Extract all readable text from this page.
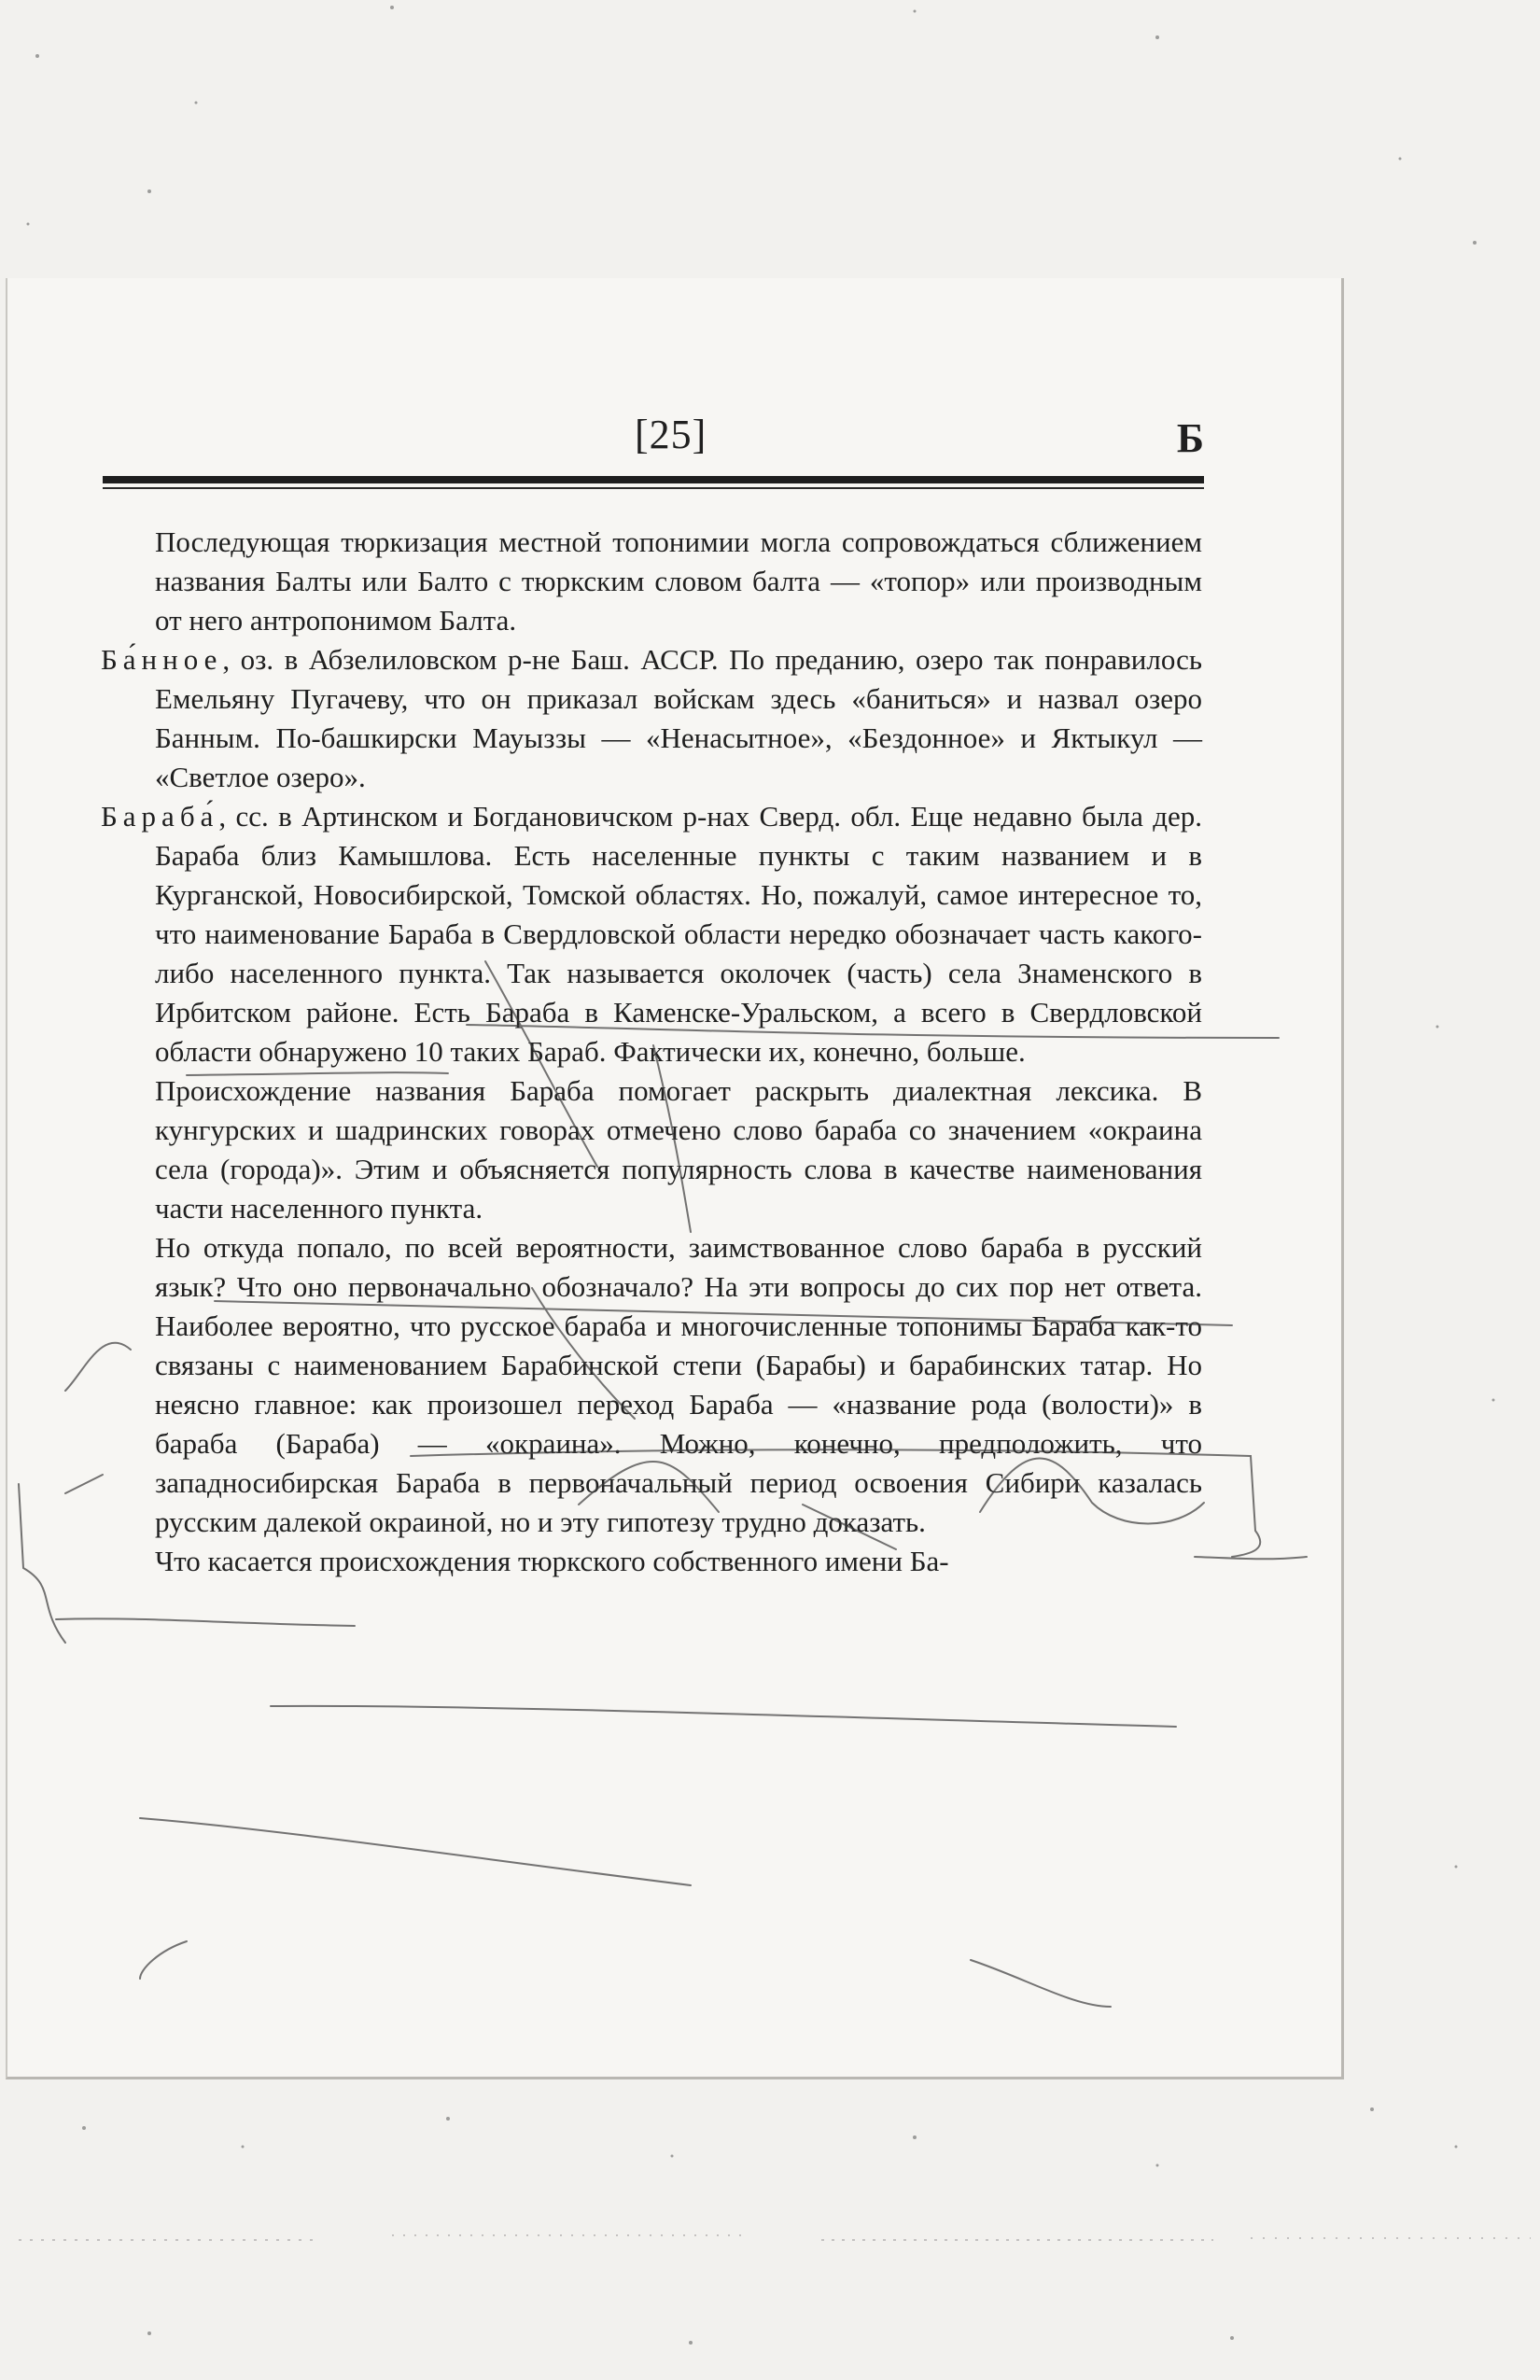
[25]	Б

Последующая тюркизация местной топонимии могла сопровождаться сближением названия Балты или Балто с тюркским словом балта — «топор» или производным от него антропонимом Балта.

Ба́нное, оз. в Абзелиловском р-не Баш. АССР. По преданию, озеро так понравилось Емельяну Пугачеву, что он приказал войскам здесь «баниться» и назвал озеро Банным. По-башкирски Мауыззы — «Ненасытное», «Бездонное» и Яктыкул — «Светлое озеро».

Бараба́, сс. в Артинском и Богдановичском р-нах Сверд. обл. Еще недавно была дер. Бараба близ Камышлова. Есть населенные пункты с таким названием и в Курганской, Новосибирской, Томской областях. Но, пожалуй, самое интересное то, что наименование Бараба в Свердловской области нередко обозначает часть какого-либо населенного пункта. Так называется околочек (часть) села Знаменского в Ирбитском районе. Есть Бараба в Каменске-Уральском, а всего в Свердловской области обнаружено 10 таких Бараб. Фактически их, конечно, больше.

Происхождение названия Бараба помогает раскрыть диалектная лексика. В кунгурских и шадринских говорах отмечено слово бараба со значением «окраина села (города)». Этим и объясняется популярность слова в качестве наименования части населенного пункта.

Но откуда попало, по всей вероятности, заимствованное слово бараба в русский язык? Что оно первоначально обозначало? На эти вопросы до сих пор нет ответа. Наиболее вероятно, что русское бараба и многочисленные топонимы Бараба как-то связаны с наименованием Барабинской степи (Барабы) и барабинских татар. Но неясно главное: как произошел переход Бараба — «название рода (волости)» в бараба (Бараба) — «окраина». Можно, конечно, предположить, что западносибирская Бараба в первоначальный период освоения Сибири казалась русским далекой окраиной, но и эту гипотезу трудно доказать.

Что касается происхождения тюркского собственного имени Ба-
